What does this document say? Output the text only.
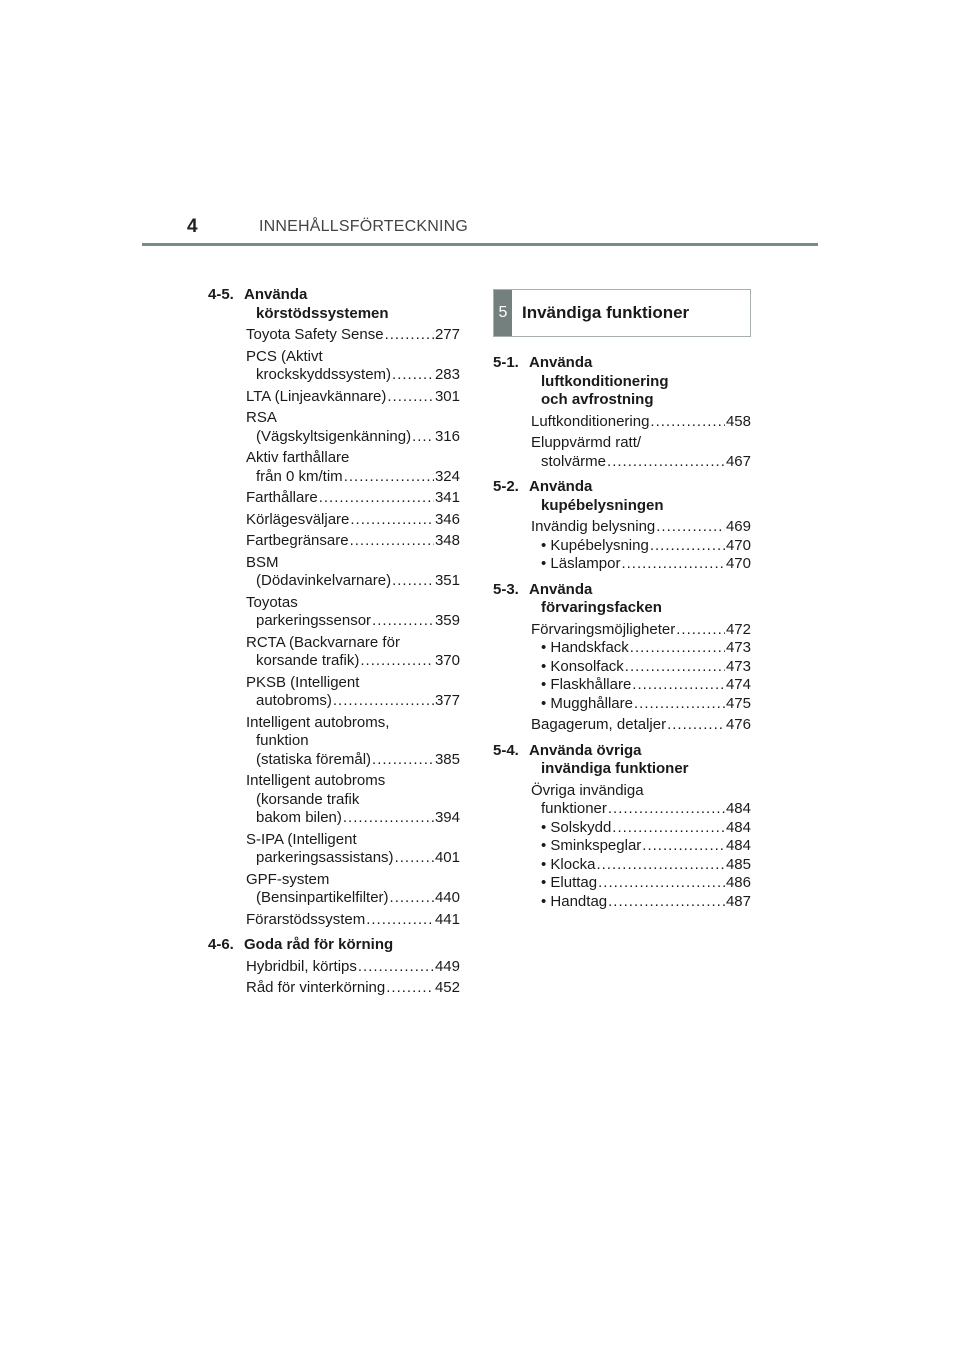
4	INNEHÅLLSFÖRTECKNING
4-5. Använda
körstödssystemen
Toyota Safety Sense .....	277
PCS (Aktivt
krockskyddssystem) .....	283
LTA (Linjeavkännare) .....	301
RSA
(Vägskyltsigenkänning) ..... 316
Aktiv farthållare
från 0 km/tim .....	324
Farthållare .....	341
Körlägesväljare .....	346
Fartbegränsare .....	348
BSM
(Dödavinkelvarnare) .....	351
Toyotas
parkeringssensor .....	359
RCTA (Backvarnare för
korsande trafik) .....	370
PKSB (Intelligent
autobroms) .....	377
Intelligent autobroms,
funktion
(statiska föremål) .....	385
Intelligent autobroms
(korsande trafik
bakom bilen) .....	394
S-IPA (Intelligent
parkeringsassistans) .....	401
GPF-system
(Bensinpartikelfilter) .....	440
Förarstödssystem .....	441
4-6. Goda råd för körning
Hybridbil, körtips .....	449
Råd för vinterkörning .....	452
5 Invändiga funktioner
5-1. Använda
luftkonditionering
och avfrostning
Luftkonditionering .....	458
Eluppvärmd ratt/
stolvärme .....	467
5-2. Använda
kupébelysningen
Invändig belysning .....	469
• Kupébelysning .....	470
• Läslampor .....	470
5-3. Använda
förvaringsfacken
Förvaringsmöjligheter .....	472
• Handskfack .....	473
• Konsolfack .....	473
• Flaskhållare .....	474
• Mugghållare .....	475
Bagagerum, detaljer .....	476
5-4. Använda övriga
invändiga funktioner
Övriga invändiga
funktioner .....	484
• Solskydd .....	484
• Sminkspeglar .....	484
• Klocka .....	485
• Eluttag .....	486
• Handtag .....	487
